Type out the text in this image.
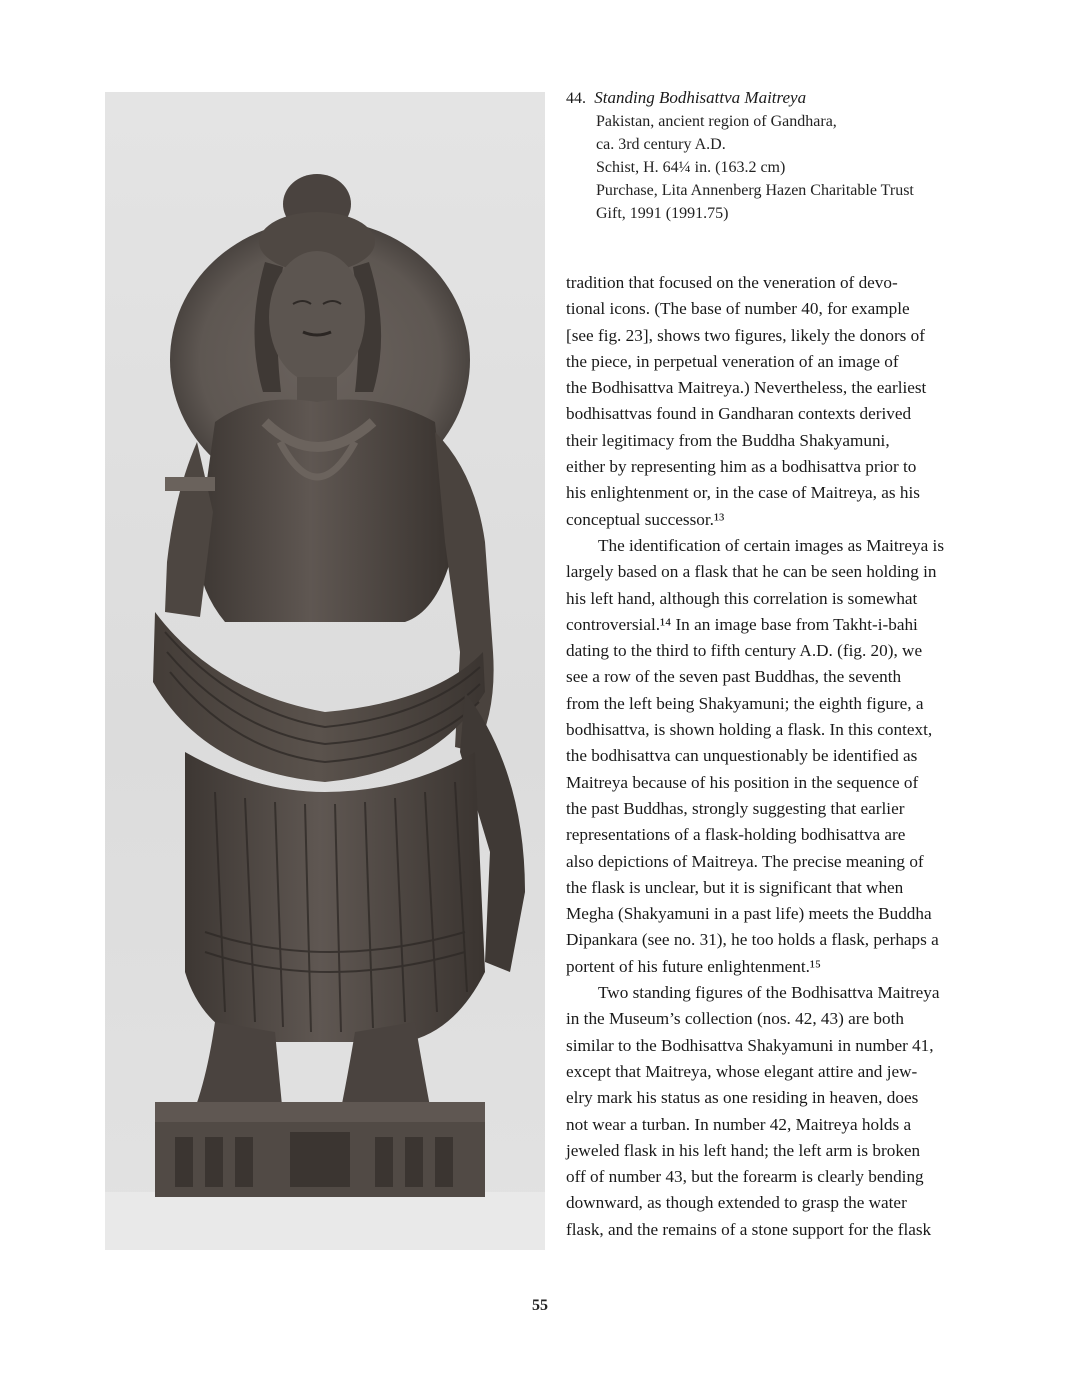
44. Standing Bodhisattva Maitreya
Pakistan, ancient region of Gandhara,
ca. 3rd century A.D.
Schist, H. 64¼ in. (163.2 cm)
Purchase, Lita Annenberg Hazen Charitable Trust
Gift, 1991 (1991.75)
tradition that focused on the veneration of devo-
tional icons. (The base of number 40, for example
[see fig. 23], shows two figures, likely the donors of
the piece, in perpetual veneration of an image of
the Bodhisattva Maitreya.) Nevertheless, the earliest
bodhisattvas found in Gandharan contexts derived
their legitimacy from the Buddha Shakyamuni,
either by representing him as a bodhisattva prior to
his enlightenment or, in the case of Maitreya, as his
conceptual successor.¹³
The identification of certain images as Maitreya is
largely based on a flask that he can be seen holding in
his left hand, although this correlation is somewhat
controversial.¹⁴ In an image base from Takht-i-bahi
dating to the third to fifth century A.D. (fig. 20), we
see a row of the seven past Buddhas, the seventh
from the left being Shakyamuni; the eighth figure, a
bodhisattva, is shown holding a flask. In this context,
the bodhisattva can unquestionably be identified as
Maitreya because of his position in the sequence of
the past Buddhas, strongly suggesting that earlier
representations of a flask-holding bodhisattva are
also depictions of Maitreya. The precise meaning of
the flask is unclear, but it is significant that when
Megha (Shakyamuni in a past life) meets the Buddha
Dipankara (see no. 31), he too holds a flask, perhaps a
portent of his future enlightenment.¹⁵
Two standing figures of the Bodhisattva Maitreya
in the Museum’s collection (nos. 42, 43) are both
similar to the Bodhisattva Shakyamuni in number 41,
except that Maitreya, whose elegant attire and jew-
elry mark his status as one residing in heaven, does
not wear a turban. In number 42, Maitreya holds a
jeweled flask in his left hand; the left arm is broken
off of number 43, but the forearm is clearly bending
downward, as though extended to grasp the water
flask, and the remains of a stone support for the flask
55
